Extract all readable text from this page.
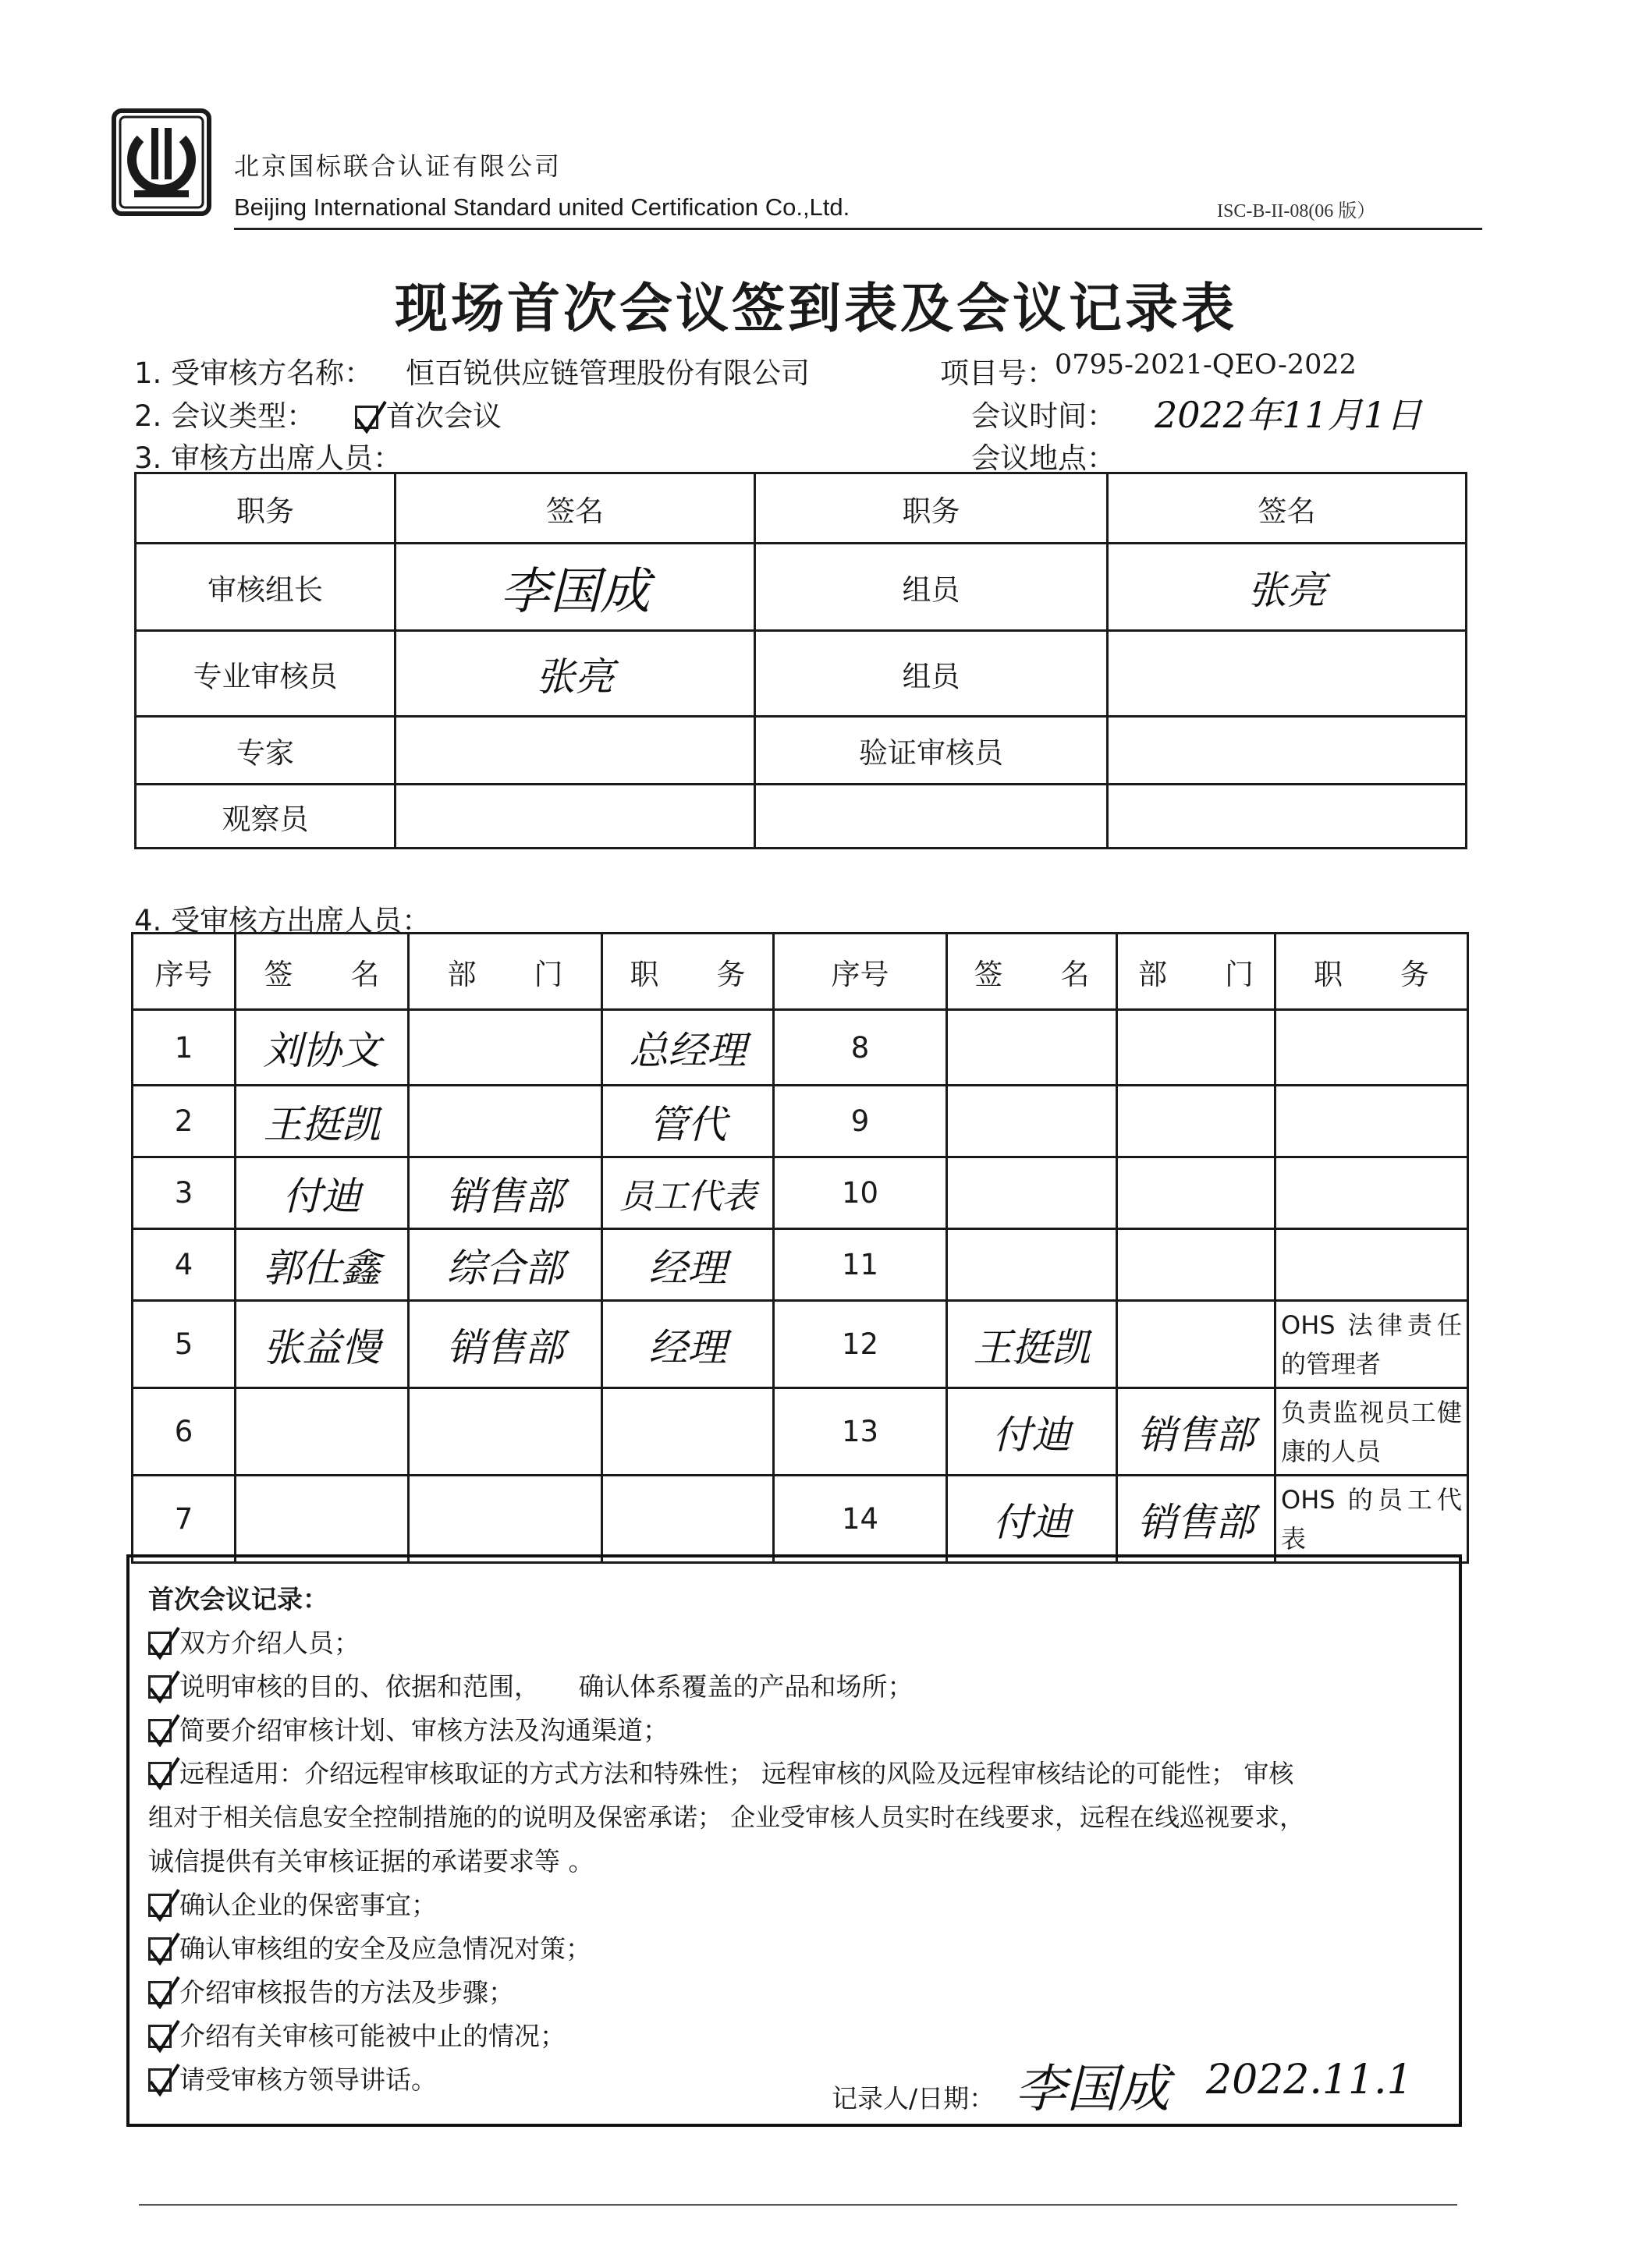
北京国标联合认证有限公司
Beijing International Standard united Certification Co.,Ltd.	ISC-B-II-08(06 版）
现场首次会议签到表及会议记录表
1. 受审核方名称： 恒百锐供应链管理股份有限公司	项目号： 0795-2021-QEO-2022
2. 会议类型：	首次会议	会议时间： 2022年11月1日
3. 审核方出席人员：	会议地点：
职务	签名	职务	签名
审核组长	李国成	组员	张亮
专业审核员	张亮	组员	
专家		验证审核员	
观察员			
4. 受审核方出席人员：
序号	签　　名	部　　门	职　　务	序号	签　　名	部　　门	职　　务
1	刘协文		总经理	8			
2	王挺凯		管代	9			
3	付迪	销售部	员工代表	10			
4	郭仕鑫	综合部	经理	11			
5	张益慢	销售部	经理	12	王挺凯		OHS 法律责任的管理者
6				13	付迪	销售部	负责监视员工健康的人员
7				14	付迪	销售部	OHS 的员工代表
首次会议记录：
双方介绍人员；
说明审核的目的、依据和范围，　　确认体系覆盖的产品和场所；
简要介绍审核计划、审核方法及沟通渠道；
远程适用：介绍远程审核取证的方式方法和特殊性； 远程审核的风险及远程审核结论的可能性； 审核
组对于相关信息安全控制措施的的说明及保密承诺； 企业受审核人员实时在线要求，远程在线巡视要求，
诚信提供有关审核证据的承诺要求等 。
确认企业的保密事宜；
确认审核组的安全及应急情况对策；
介绍审核报告的方法及步骤；
介绍有关审核可能被中止的情况；
请受审核方领导讲话。
记录人/日期： 李国成 2022.11.1
